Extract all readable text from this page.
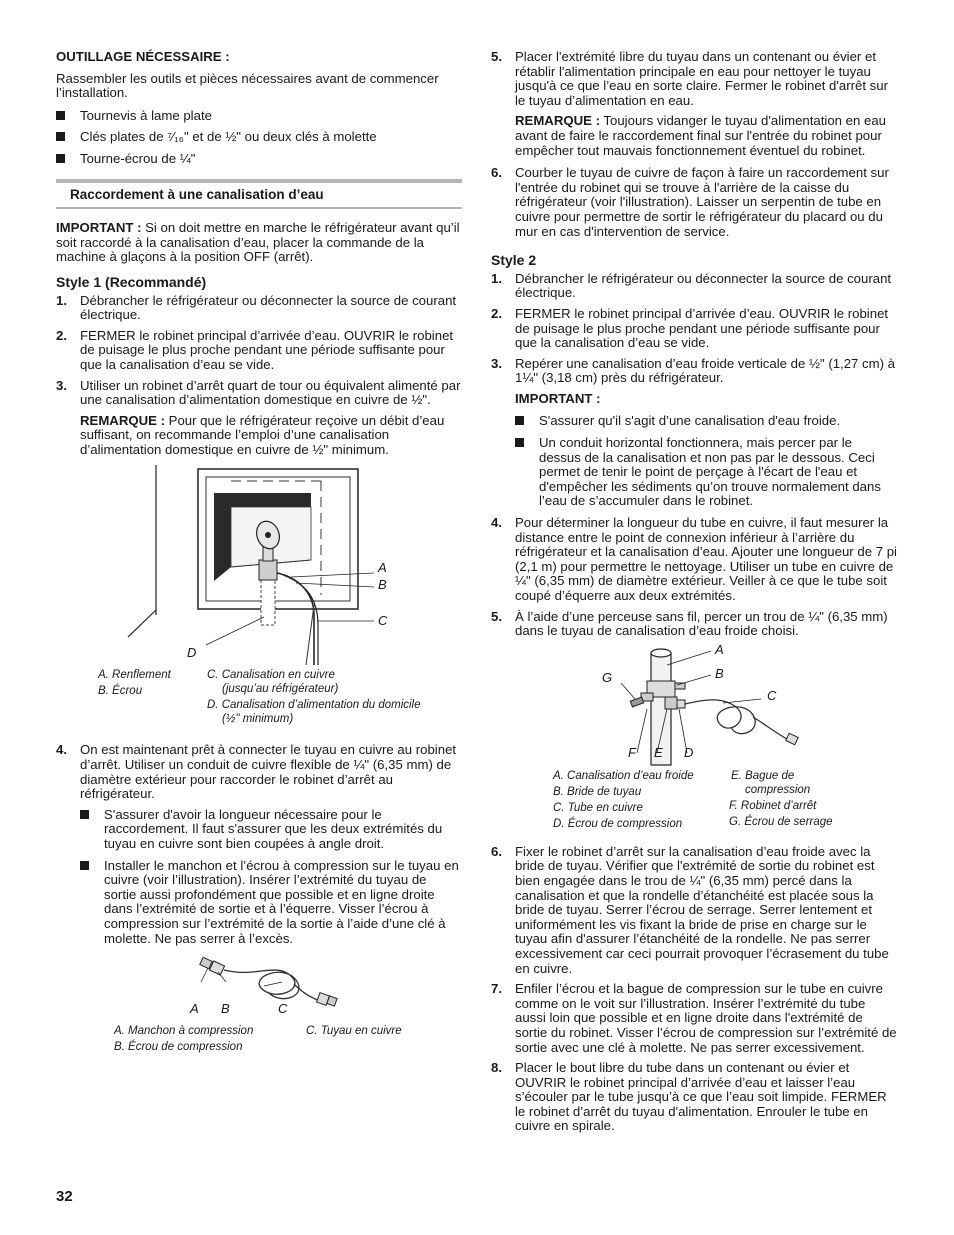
OUTILLAGE NÉCESSAIRE :

Rassembler les outils et pièces nécessaires avant de commencer l’installation.

Tournevis à lame plate
Clés plates de ⁷⁄₁₆" et de ½" ou deux clés à molette
Tourne-écrou de ¼"
Raccordement à une canalisation d’eau

IMPORTANT : Si on doit mettre en marche le réfrigérateur avant qu’il soit raccordé à la canalisation d’eau, placer la commande de la machine à glaçons à la position OFF (arrêt).

Style 1 (Recommandé)

1. Débrancher le réfrigérateur ou déconnecter la source de courant électrique.
2. FERMER le robinet principal d’arrivée d’eau. OUVRIR le robinet de puisage le plus proche pendant une période suffisante pour que la canalisation d’eau se vide.
3. Utiliser un robinet d’arrêt quart de tour ou équivalent alimenté par une canalisation d’alimentation domestique en cuivre de ½".

REMARQUE : Pour que le réfrigérateur reçoive un débit d’eau suffisant, on recommande l’emploi d’une canalisation d’alimentation domestique en cuivre de ½" minimum.

A
B
C
D
A. Renflement
B. Écrou
C. Canalisation en cuivre
(jusqu’au réfrigérateur)
D. Canalisation d’alimentation du domicile
(½" minimum)
4. On est maintenant prêt à connecter le tuyau en cuivre au robinet d’arrêt. Utiliser un conduit de cuivre flexible de ¼" (6,35 mm) de diamètre extérieur pour raccorder le robinet d’arrêt au réfrigérateur.
S'assurer d'avoir la longueur nécessaire pour le raccordement. Il faut s'assurer que les deux extrémités du tuyau en cuivre sont bien coupées à angle droit.
Installer le manchon et l’écrou à compression sur le tuyau en cuivre (voir l’illustration). Insérer l’extrémité du tuyau de sortie aussi profondément que possible et en ligne droite dans l’extrémité de sortie et à l’équerre. Visser l’écrou à compression sur l’extrémité de la sortie à l’aide d’une clé à molette. Ne pas serrer à l’excès.
A B	C
A. Manchon à compression
B. Écrou de compression
C. Tuyau en cuivre
5. Placer l'extrémité libre du tuyau dans un contenant ou évier et rétablir l'alimentation principale en eau pour nettoyer le tuyau jusqu'à ce que l’eau en sorte claire. Fermer le robinet d'arrêt sur le tuyau d’alimentation en eau.

REMARQUE : Toujours vidanger le tuyau d'alimentation en eau avant de faire le raccordement final sur l'entrée du robinet pour empêcher tout mauvais fonctionnement éventuel du robinet.

6. Courber le tuyau de cuivre de façon à faire un raccordement sur l'entrée du robinet qui se trouve à l'arrière de la caisse du réfrigérateur (voir l'illustration). Laisser un serpentin de tube en cuivre pour permettre de sortir le réfrigérateur du placard ou du mur en cas d'intervention de service.

Style 2

1. Débrancher le réfrigérateur ou déconnecter la source de courant électrique.
2. FERMER le robinet principal d’arrivée d’eau. OUVRIR le robinet de puisage le plus proche pendant une période suffisante pour que la canalisation d’eau se vide.
3. Repérer une canalisation d’eau froide verticale de ½" (1,27 cm) à 1¼" (3,18 cm) près du réfrigérateur.

IMPORTANT :

S'assurer qu'il s'agit d’une canalisation d'eau froide.
Un conduit horizontal fonctionnera, mais percer par le dessus de la canalisation et non pas par le dessous. Ceci permet de tenir le point de perçage à l'écart de l'eau et d'empêcher les sédiments qu’on trouve normalement dans l’eau de s’accumuler dans le robinet.
4. Pour déterminer la longueur du tube en cuivre, il faut mesurer la distance entre le point de connexion inférieur à l’arrière du réfrigérateur et la canalisation d’eau. Ajouter une longueur de 7 pi (2,1 m) pour permettre le nettoyage. Utiliser un tube en cuivre de ¼" (6,35 mm) de diamètre extérieur. Veiller à ce que le tube soit coupé d’équerre aux deux extrémités.
5. À l’aide d’une perceuse sans fil, percer un trou de ¼" (6,35 mm) dans le tuyau de canalisation d’eau froide choisi.
A
B
C
D
E
F
G
A. Canalisation d’eau froide
B. Bride de tuyau
C. Tube en cuivre
D. Écrou de compression
E. Bague de
compression
F. Robinet d’arrêt
G. Écrou de serrage
6. Fixer le robinet d’arrêt sur la canalisation d’eau froide avec la bride de tuyau. Vérifier que l'extrémité de sortie du robinet est bien engagée dans le trou de ¼" (6,35 mm) percé dans la canalisation et que la rondelle d’étanchéité est placée sous la bride de tuyau. Serrer l’écrou de serrage. Serrer lentement et uniformément les vis fixant la bride de prise en charge sur le tuyau afin d'assurer l’étanchéité de la rondelle. Ne pas serrer excessivement car ceci pourrait provoquer l’écrasement du tube en cuivre.
7. Enfiler l’écrou et la bague de compression sur le tube en cuivre comme on le voit sur l’illustration. Insérer l’extrémité du tube aussi loin que possible et en ligne droite dans l'extrémité de sortie du robinet. Visser l’écrou de compression sur l’extrémité de sortie avec une clé à molette. Ne pas serrer excessivement.
8. Placer le bout libre du tube dans un contenant ou évier et OUVRIR le robinet principal d’arrivée d’eau et laisser l’eau s’écouler par le tube jusqu’à ce que l’eau soit limpide. FERMER le robinet d’arrêt du tuyau d'alimentation. Enrouler le tube en cuivre en spirale.
32
